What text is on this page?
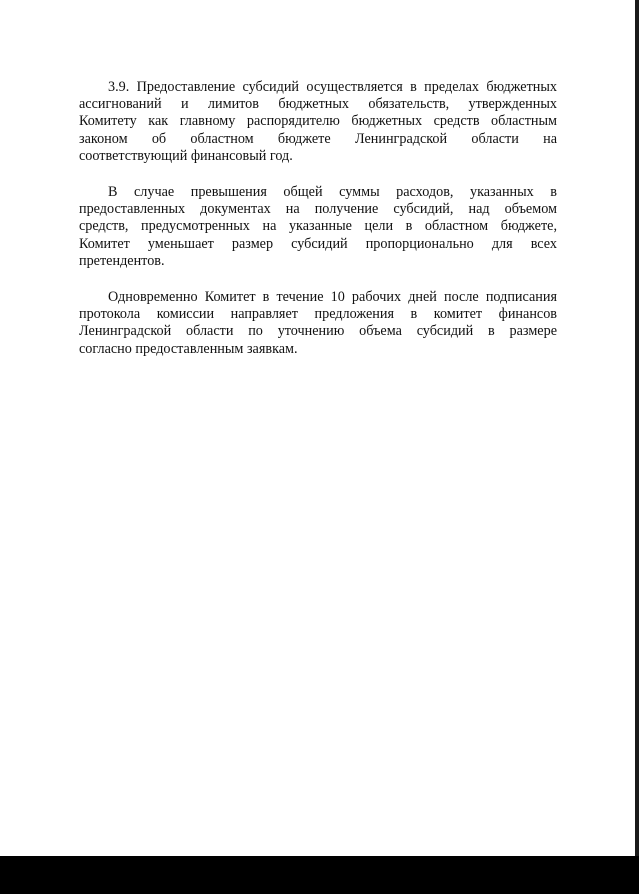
3.9. Предоставление субсидий осуществляется в пределах бюджетных
ассигнований и лимитов бюджетных обязательств, утвержденных
Комитету как главному распорядителю бюджетных средств областным
законом об областном бюджете Ленинградской области на
соответствующий финансовый год.

В случае превышения общей суммы расходов, указанных в
предоставленных документах на получение субсидий, над объемом
средств, предусмотренных на указанные цели в областном бюджете,
Комитет уменьшает размер субсидий пропорционально для всех
претендентов.

Одновременно Комитет в течение 10 рабочих дней после подписания
протокола комиссии направляет предложения в комитет финансов
Ленинградской области по уточнению объема субсидий в размере
согласно предоставленным заявкам.
